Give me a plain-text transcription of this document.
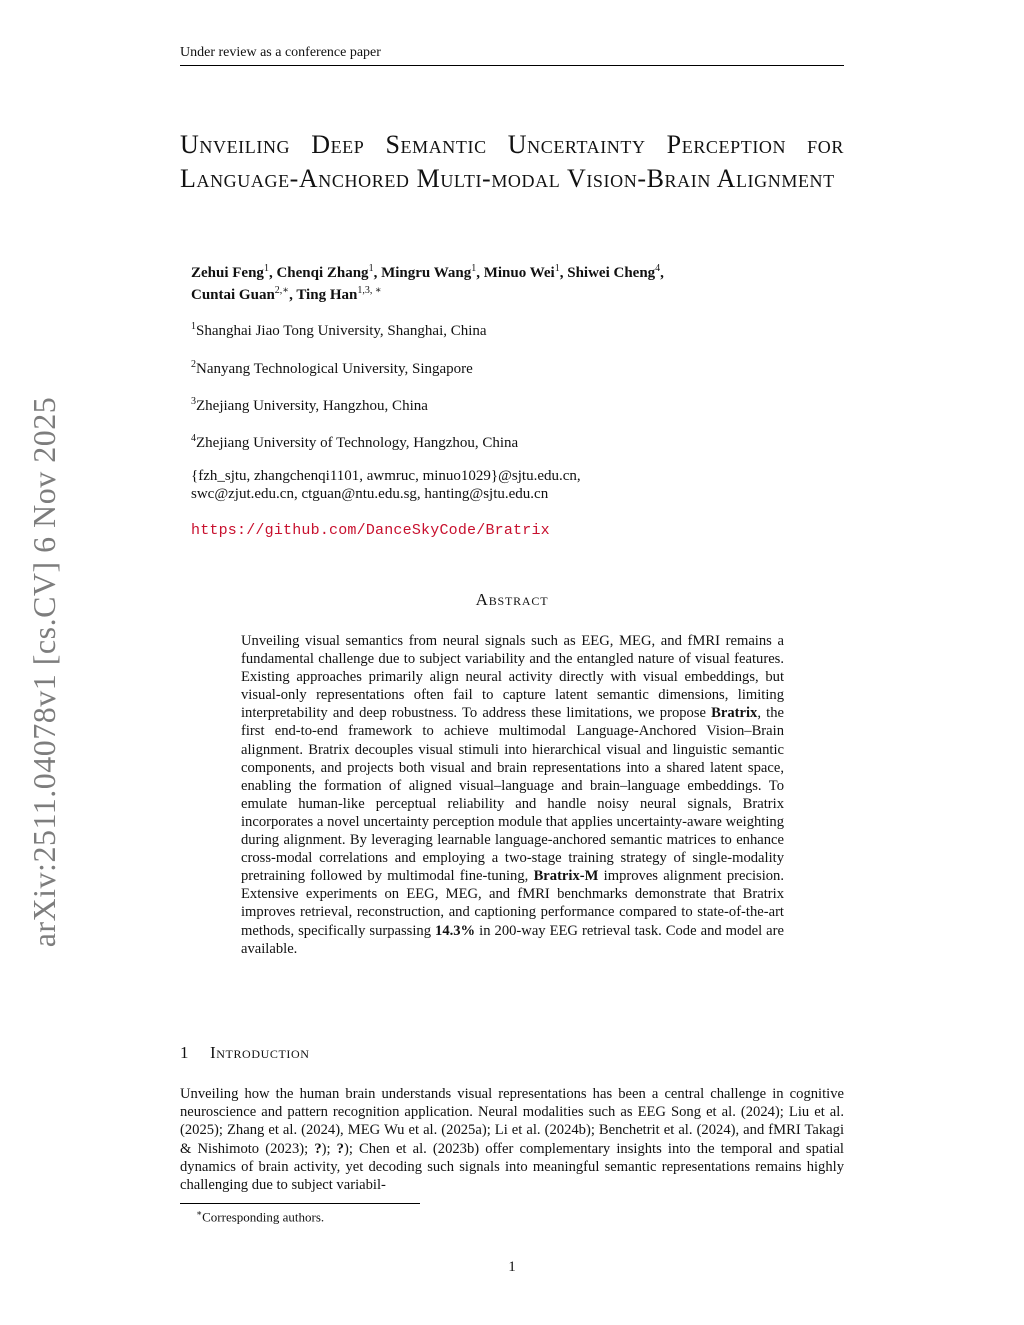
Under review as a conference paper
arXiv:2511.04078v1 [cs.CV] 6 Nov 2025
Unveiling Deep Semantic Uncertainty Perception for Language-Anchored Multi-modal Vision-Brain Alignment
Zehui Feng$^1$, Chenqi Zhang$^1$, Mingru Wang$^1$, Minuo Wei$^1$, Shiwei Cheng$^4$,
Cuntai Guan$^{2,∗}$, Ting Han$^{1,3, ∗}$
$^1$Shanghai Jiao Tong University, Shanghai, China
$^2$Nanyang Technological University, Singapore
$^3$Zhejiang University, Hangzhou, China
$^4$Zhejiang University of Technology, Hangzhou, China
{fzh_sjtu, zhangchenqi1101, awmruc, minuo1029}@sjtu.edu.cn,
swc@zjut.edu.cn, ctguan@ntu.edu.sg, hanting@sjtu.edu.cn
https://github.com/DanceSkyCode/Bratrix
Abstract
Unveiling visual semantics from neural signals such as EEG, MEG, and fMRI remains a fundamental challenge due to subject variability and the entangled nature of visual features. Existing approaches primarily align neural activity directly with visual embeddings, but visual-only representations often fail to capture latent semantic dimensions, limiting interpretability and deep robustness. To address these limitations, we propose Bratrix, the first end-to-end framework to achieve multimodal Language-Anchored Vision–Brain alignment. Bratrix decouples visual stimuli into hierarchical visual and linguistic semantic components, and projects both visual and brain representations into a shared latent space, enabling the formation of aligned visual–language and brain–language embeddings. To emulate human-like perceptual reliability and handle noisy neural signals, Bratrix incorporates a novel uncertainty perception module that applies uncertainty-aware weighting during alignment. By leveraging learnable language-anchored semantic matrices to enhance cross-modal correlations and employing a two-stage training strategy of single-modality pretraining followed by multimodal fine-tuning, Bratrix-M improves alignment precision. Extensive experiments on EEG, MEG, and fMRI benchmarks demonstrate that Bratrix improves retrieval, reconstruction, and captioning performance compared to state-of-the-art methods, specifically surpassing 14.3% in 200-way EEG retrieval task. Code and model are available.
1 Introduction
Unveiling how the human brain understands visual representations has been a central challenge in cognitive neuroscience and pattern recognition application. Neural modalities such as EEG Song et al. (2024); Liu et al. (2025); Zhang et al. (2024), MEG Wu et al. (2025a); Li et al. (2024b); Benchetrit et al. (2024), and fMRI Takagi & Nishimoto (2023); ?); ?); Chen et al. (2023b) offer complementary insights into the temporal and spatial dynamics of brain activity, yet decoding such signals into meaningful semantic representations remains highly challenging due to subject variabil-
∗Corresponding authors.
1
